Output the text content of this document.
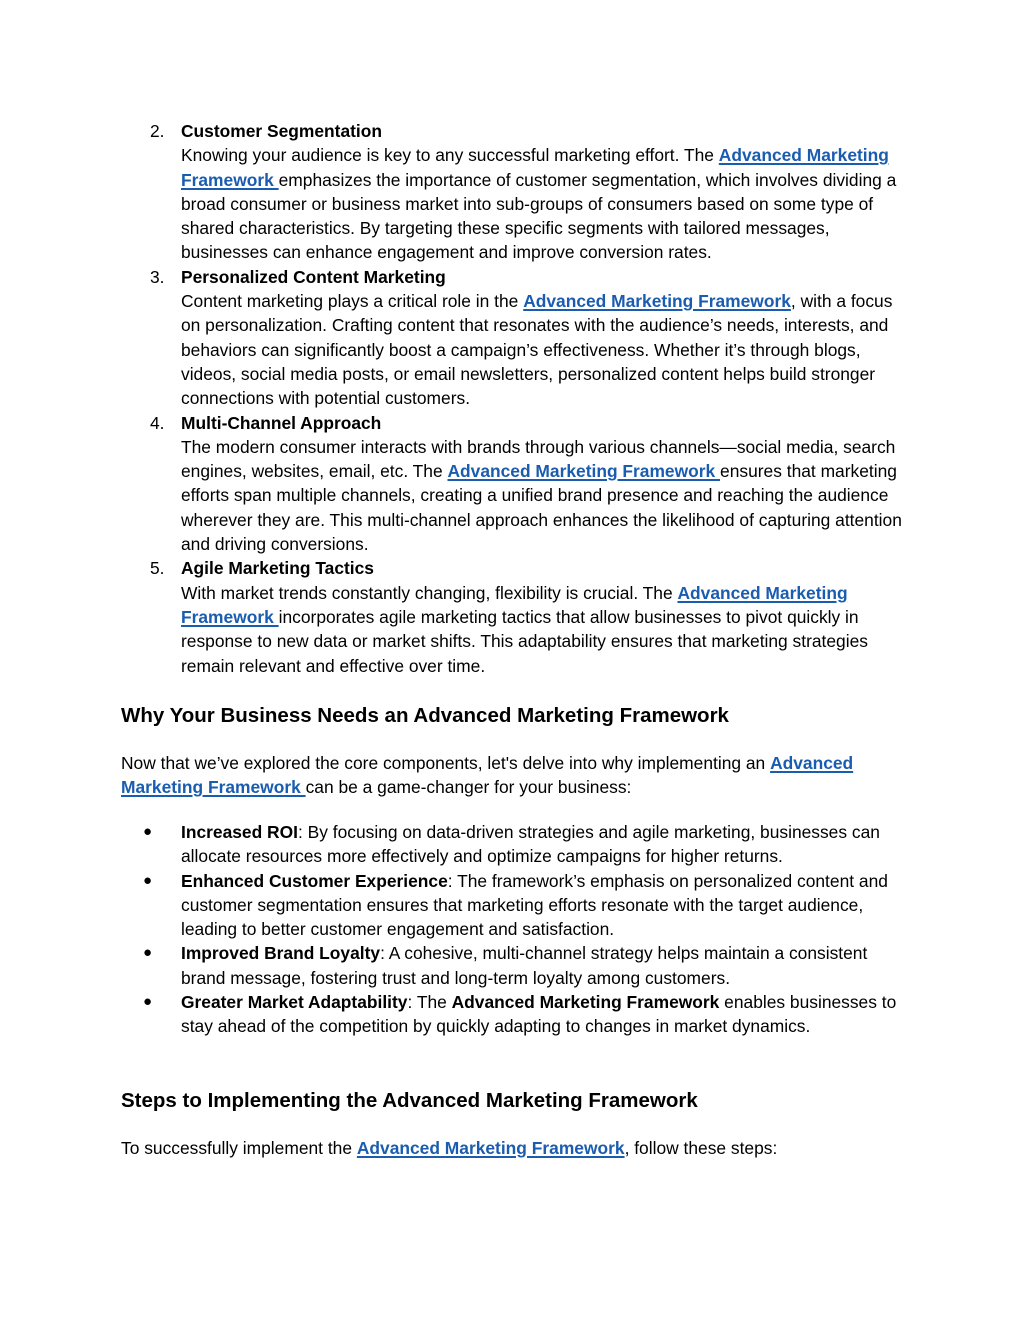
2. Customer Segmentation
Knowing your audience is key to any successful marketing effort. The Advanced Marketing Framework emphasizes the importance of customer segmentation, which involves dividing a broad consumer or business market into sub-groups of consumers based on some type of shared characteristics. By targeting these specific segments with tailored messages, businesses can enhance engagement and improve conversion rates.
3. Personalized Content Marketing
Content marketing plays a critical role in the Advanced Marketing Framework, with a focus on personalization. Crafting content that resonates with the audience’s needs, interests, and behaviors can significantly boost a campaign’s effectiveness. Whether it’s through blogs, videos, social media posts, or email newsletters, personalized content helps build stronger connections with potential customers.
4. Multi-Channel Approach
The modern consumer interacts with brands through various channels—social media, search engines, websites, email, etc. The Advanced Marketing Framework ensures that marketing efforts span multiple channels, creating a unified brand presence and reaching the audience wherever they are. This multi-channel approach enhances the likelihood of capturing attention and driving conversions.
5. Agile Marketing Tactics
With market trends constantly changing, flexibility is crucial. The Advanced Marketing Framework incorporates agile marketing tactics that allow businesses to pivot quickly in response to new data or market shifts. This adaptability ensures that marketing strategies remain relevant and effective over time.
Why Your Business Needs an Advanced Marketing Framework

Now that we’ve explored the core components, let's delve into why implementing an Advanced Marketing Framework can be a game-changer for your business:

● Increased ROI: By focusing on data-driven strategies and agile marketing, businesses can allocate resources more effectively and optimize campaigns for higher returns.
● Enhanced Customer Experience: The framework’s emphasis on personalized content and customer segmentation ensures that marketing efforts resonate with the target audience, leading to better customer engagement and satisfaction.
● Improved Brand Loyalty: A cohesive, multi-channel strategy helps maintain a consistent brand message, fostering trust and long-term loyalty among customers.
● Greater Market Adaptability: The Advanced Marketing Framework enables businesses to stay ahead of the competition by quickly adapting to changes in market dynamics.
Steps to Implementing the Advanced Marketing Framework

To successfully implement the Advanced Marketing Framework, follow these steps:
